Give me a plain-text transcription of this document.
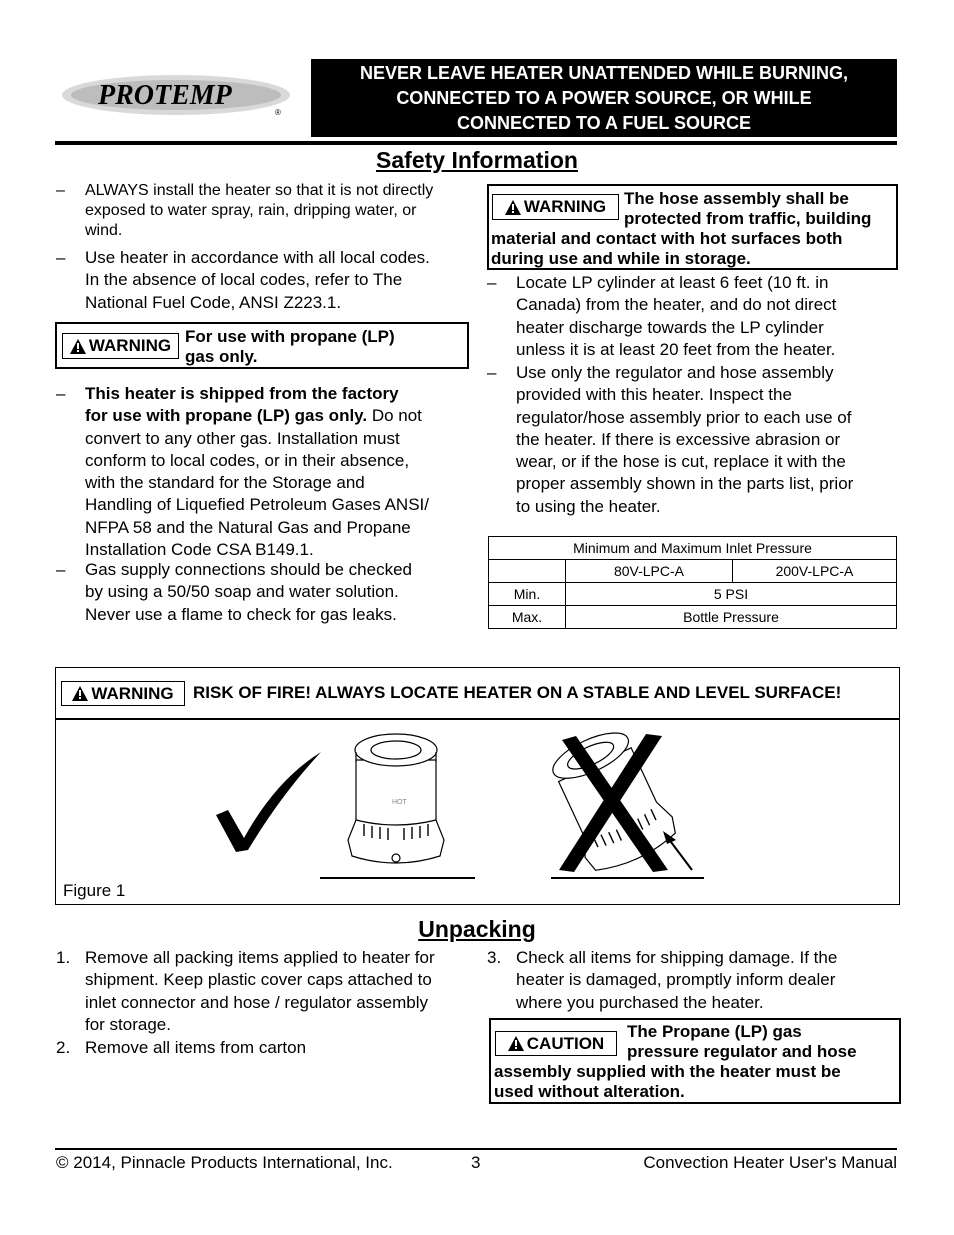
PROTEMP
®
NEVER LEAVE HEATER UNATTENDED WHILE BURNING,
CONNECTED TO A POWER SOURCE, OR WHILE
CONNECTED TO A FUEL SOURCE
Safety Information
– ALWAYS install the heater so that it is not directly
exposed to water spray, rain, dripping water, or
wind.
– Use heater in accordance with all local codes.
In the absence of local codes, refer to The
National Fuel Code, ANSI Z223.1.
WARNING For use with propane (LP)
gas only.
– This heater is shipped from the factory
for use with propane (LP) gas only. Do not
convert to any other gas. Installation must
conform to local codes, or in their absence,
with the standard for the Storage and
Handling of Liquefied Petroleum Gases ANSI/
NFPA 58 and the Natural Gas and Propane
Installation Code CSA B149.1.
– Gas supply connections should be checked
by using a 50/50 soap and water solution.
Never use a flame to check for gas leaks.
WARNING The hose assembly shall be
protected from traffic, building
material and contact with hot surfaces both
during use and while in storage.
– Locate LP cylinder at least 6 feet (10 ft. in
Canada) from the heater, and do not direct
heater discharge towards the LP cylinder
unless it is at least 20 feet from the heater.
– Use only the regulator and hose assembly
provided with this heater. Inspect the
regulator/hose assembly prior to each use of
the heater. If there is excessive abrasion or
wear, or if the hose is cut, replace it with the
proper assembly shown in the parts list, prior
to using the heater.
Minimum and Maximum Inlet Pressure		
	80V-LPC-A	200V-LPC-A
Min.	5 PSI	
Max.	Bottle Pressure	
WARNING RISK OF FIRE! ALWAYS LOCATE HEATER ON A STABLE AND LEVEL SURFACE!
HOT
Figure 1
Unpacking
1. Remove all packing items applied to heater for
shipment. Keep plastic cover caps attached to
inlet connector and hose / regulator assembly
for storage.
2. Remove all items from carton
3. Check all items for shipping damage. If the
heater is damaged, promptly inform dealer
where you purchased the heater.
CAUTION
The Propane (LP) gas
pressure regulator and hose
assembly supplied with the heater must be
used without alteration.
© 2014, Pinnacle Products International, Inc.	3	Convection Heater User's Manual
